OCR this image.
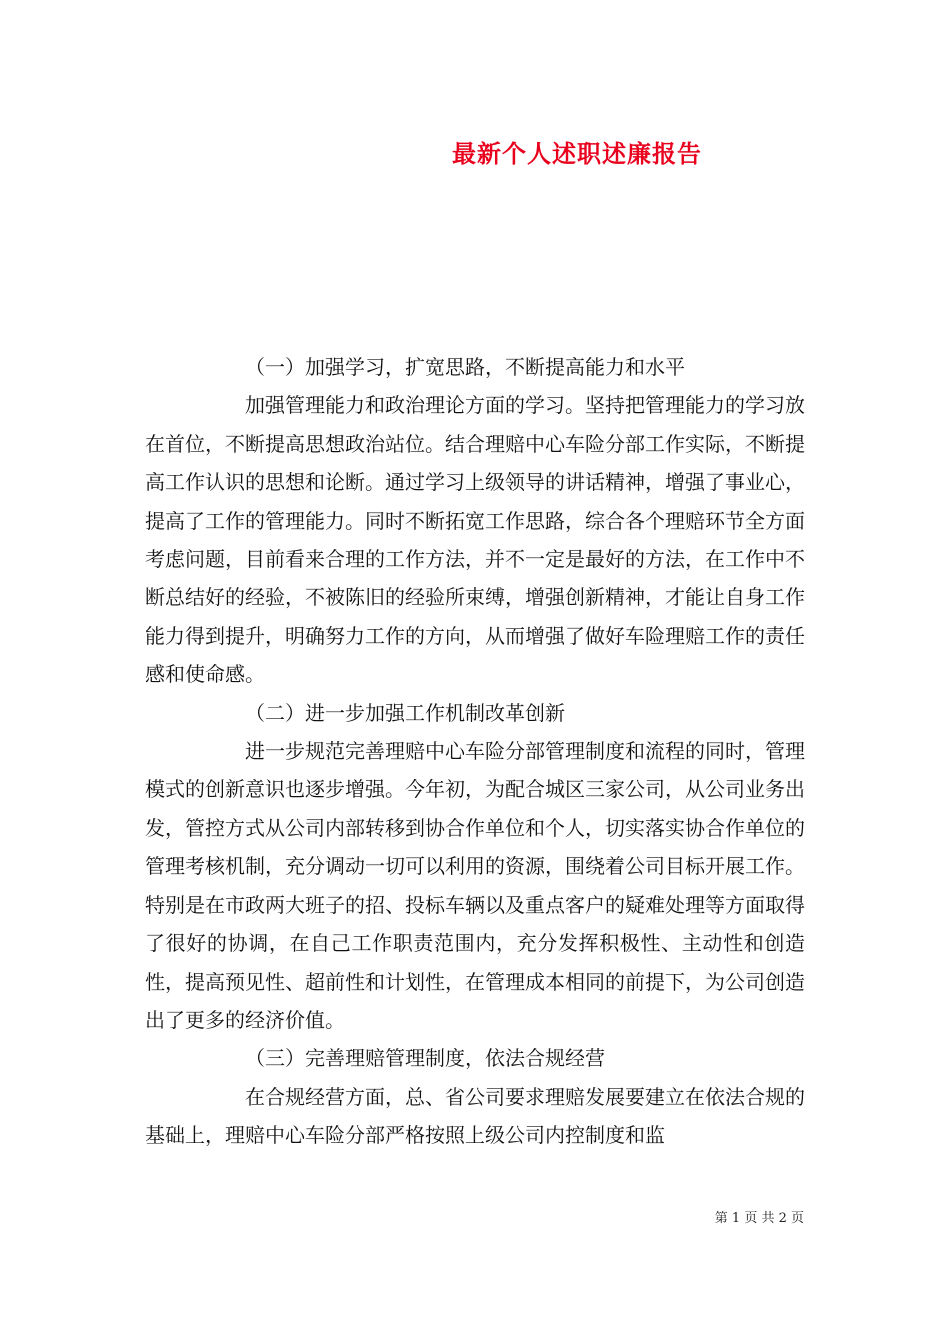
最新个人述职述廉报告

（一）加强学习，扩宽思路，不断提高能力和水平

加强管理能力和政治理论方面的学习。坚持把管理能力的学习放在首位，不断提高思想政治站位。结合理赔中心车险分部工作实际，不断提高工作认识的思想和论断。通过学习上级领导的讲话精神，增强了事业心，提高了工作的管理能力。同时不断拓宽工作思路，综合各个理赔环节全方面考虑问题，目前看来合理的工作方法，并不一定是最好的方法，在工作中不断总结好的经验，不被陈旧的经验所束缚，增强创新精神，才能让自身工作能力得到提升，明确努力工作的方向，从而增强了做好车险理赔工作的责任感和使命感。

（二）进一步加强工作机制改革创新

进一步规范完善理赔中心车险分部管理制度和流程的同时，管理模式的创新意识也逐步增强。今年初，为配合城区三家公司，从公司业务出发，管控方式从公司内部转移到协合作单位和个人，切实落实协合作单位的管理考核机制，充分调动一切可以利用的资源，围绕着公司目标开展工作。特别是在市政两大班子的招、投标车辆以及重点客户的疑难处理等方面取得了很好的协调，在自己工作职责范围内，充分发挥积极性、主动性和创造性，提高预见性、超前性和计划性，在管理成本相同的前提下，为公司创造出了更多的经济价值。

（三）完善理赔管理制度，依法合规经营

在合规经营方面，总、省公司要求理赔发展要建立在依法合规的基础上，理赔中心车险分部严格按照上级公司内控制度和监

第 1 页 共 2 页
